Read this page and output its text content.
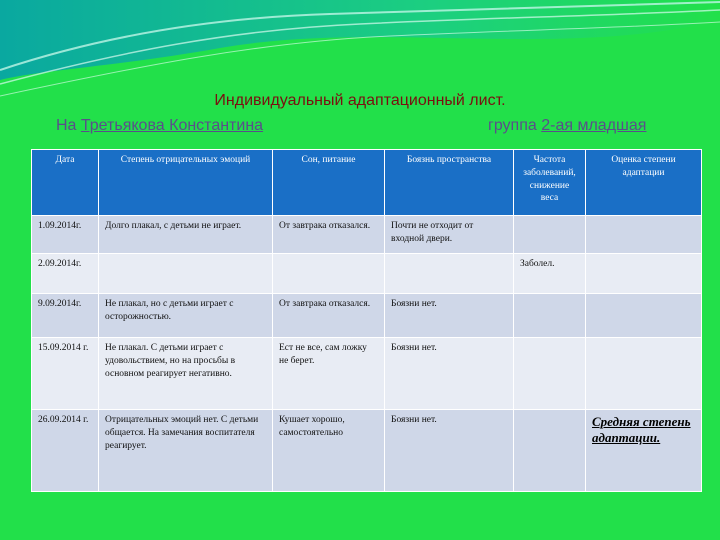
Индивидуальный адаптационный лист.
На Третьякова Константина	группа 2-ая младшая
Дата	Степень отрицательных эмоций	Сон, питание	Боязнь пространства	Частота заболеваний, снижение веса	Оценка степени адаптации
1.09.2014г.	Долго плакал, с детьми не играет.	От завтрака отказался.	Почти не отходит от входной двери.		
2.09.2014г.				Заболел.	
9.09.2014г.	Не плакал, но с детьми играет с осторожностью.	От завтрака отказался.	Боязни нет.		
15.09.2014 г.	Не плакал. С детьми играет с удовольствием, но на просьбы в основном реагирует негативно.	Ест не все, сам ложку не берет.	Боязни нет.		
26.09.2014 г.	Отрицательных эмоций нет. С детьми общается. На замечания воспитателя реагирует.	Кушает хорошо, самостоятельно	Боязни нет.		Средняя степень адаптации.
